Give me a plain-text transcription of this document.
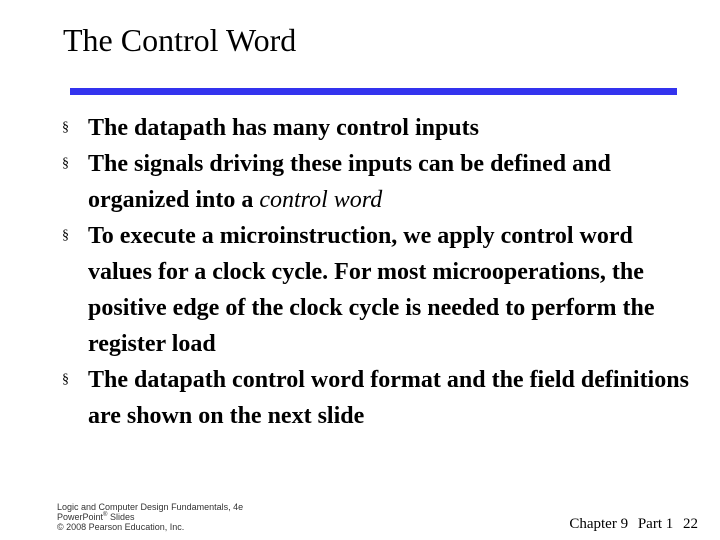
The Control Word
§ The datapath has many control inputs
§ The signals driving these inputs can be defined and organized into a control word
§ To execute a microinstruction, we apply control word values for a clock cycle. For most microoperations, the positive edge of the clock cycle is needed to perform the register load
§ The datapath control word format and the field definitions are shown on the next slide
Logic and Computer Design Fundamentals, 4e
PowerPoint® Slides
© 2008 Pearson Education, Inc.	Chapter 9 Part 1 22
